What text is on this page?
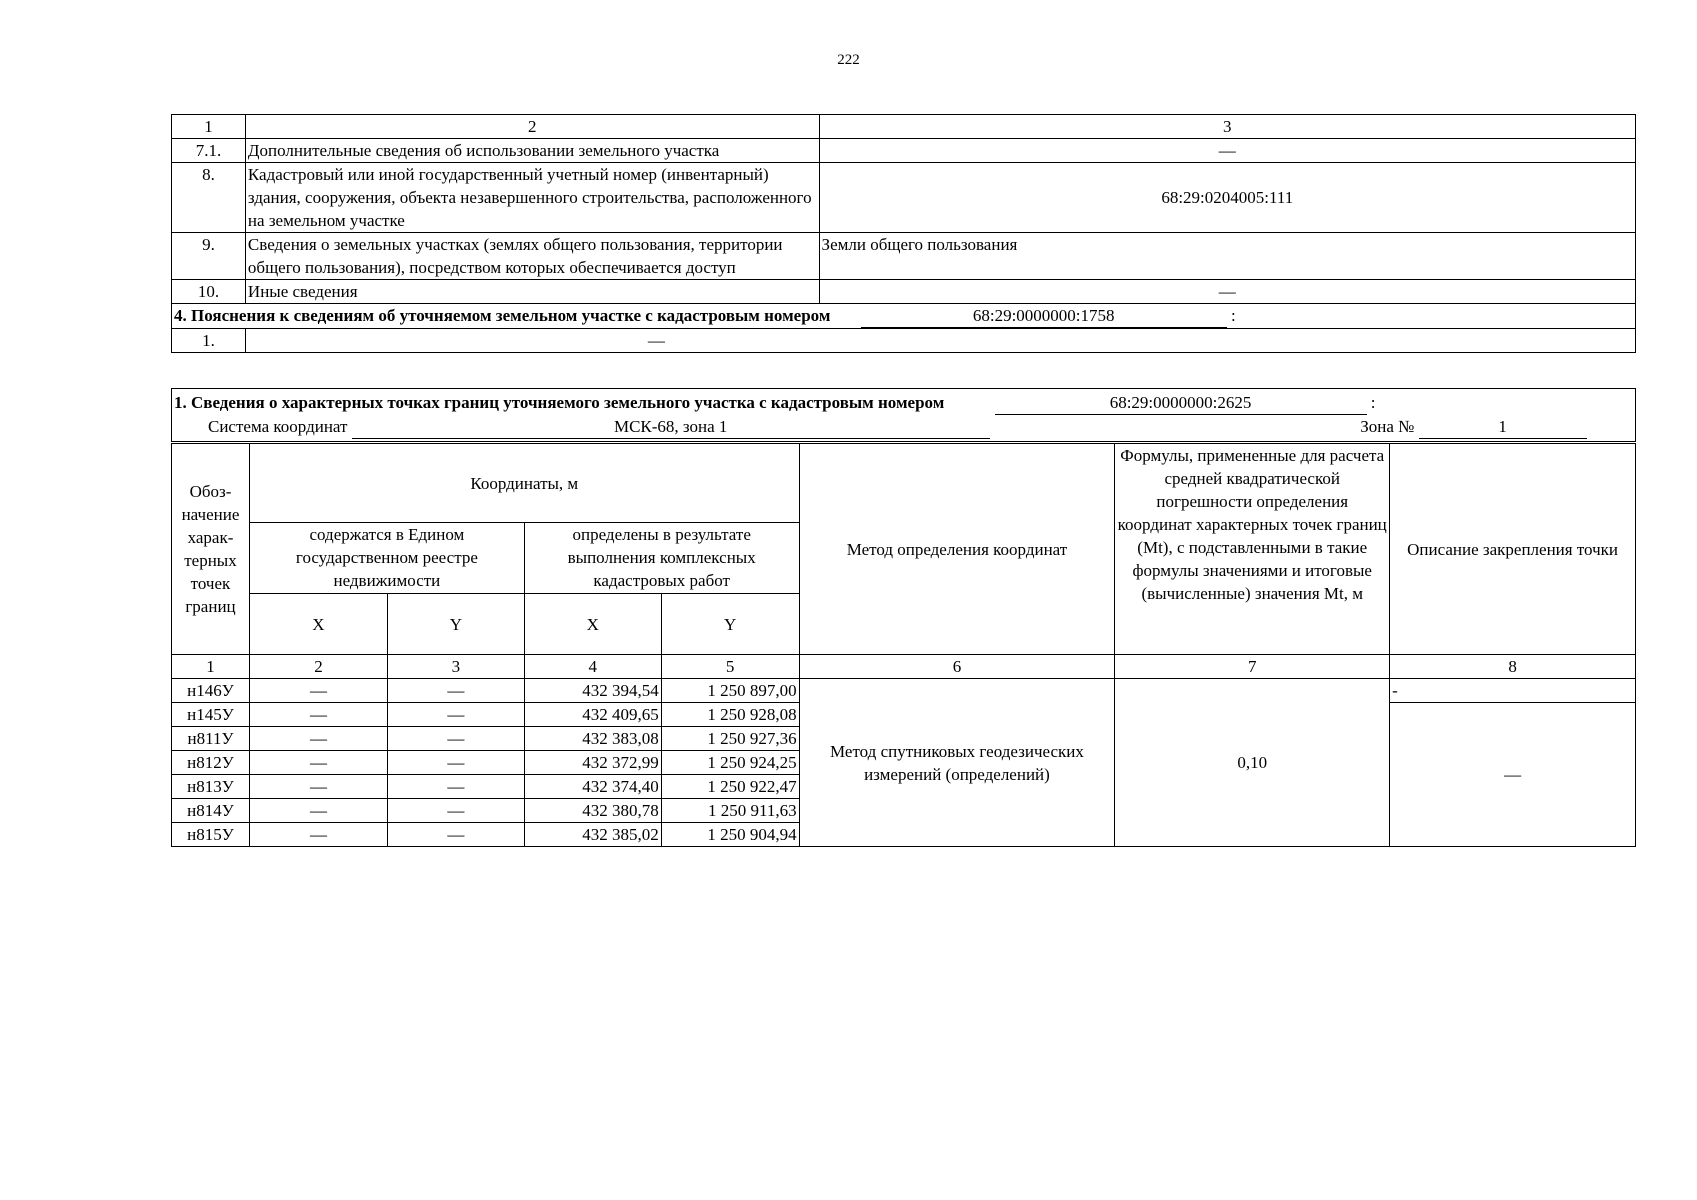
222
1	2	3
7.1.	Дополнительные сведения об использовании земельного участка	—
8.	Кадастровый или иной государственный учетный номер (инвентарный) здания, сооружения, объекта незавершенного строительства, расположенного на земельном участке	68:29:0204005:111
9.	Сведения о земельных участках (землях общего пользования, территории общего пользования), посредством которых обеспечивается доступ	Земли общего пользования
10.	Иные сведения	—
4. Пояснения к сведениям об уточняемом земельном участке с кадастровым номером 68:29:0000000:1758 :		
1.	—	
1. Сведения о характерных точках границ уточняемого земельного участка с кадастровым номером	68:29:0000000:2625	:
Система координат	МСК-68, зона 1	Зона №	1
Обоз-начение харак-терных точек границ	Координаты, м				Метод определения координат	Формулы, примененные для расчета средней квадратической погрешности определения координат характерных точек границ (Mt), с подставленными в такие формулы значениями и итоговые (вычисленные) значения Mt, м	Описание закрепления точки
	содержатся в Едином государственном реестре недвижимости		определены в результате выполнения комплексных кадастровых работ				
	X	Y	X	Y			
1	2	3	4	5	6	7	8
н146У	—	—	432 394,54	1 250 897,00	Метод спутниковых геодезических измерений (определений)	0,10	-
н145У	—	—	432 409,65	1 250 928,08			—
н811У	—	—	432 383,08	1 250 927,36			
н812У	—	—	432 372,99	1 250 924,25			
н813У	—	—	432 374,40	1 250 922,47			
н814У	—	—	432 380,78	1 250 911,63			
н815У	—	—	432 385,02	1 250 904,94			
